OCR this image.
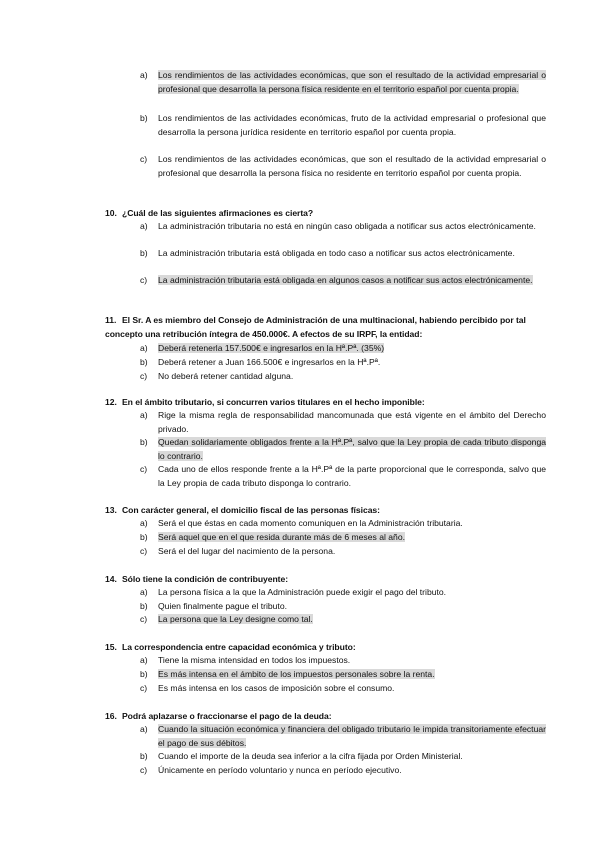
a)	Los rendimientos de las actividades económicas, que son el resultado de la actividad empresarial o profesional que desarrolla la persona física residente en el territorio español por cuenta propia.
b)	Los rendimientos de las actividades económicas, fruto de la actividad empresarial o profesional que desarrolla la persona jurídica residente en territorio español por cuenta propia.
c)	Los rendimientos de las actividades económicas, que son el resultado de la actividad empresarial o profesional que desarrolla la persona física no residente en territorio español por cuenta propia.
10. ¿Cuál de las siguientes afirmaciones es cierta?
a)	La administración tributaria no está en ningún caso obligada a notificar sus actos electrónicamente.
b)	La administración tributaria está obligada en todo caso a notificar sus actos electrónicamente.
c)	La administración tributaria está obligada en algunos casos a notificar sus actos electrónicamente.
11. El Sr. A es miembro del Consejo de Administración de una multinacional, habiendo percibido por tal concepto una retribución íntegra de 450.000€. A efectos de su IRPF, la entidad:
a)	Deberá retenerla 157.500€ e ingresarlos en la Hª.Pª. (35%)
b)	Deberá retener a Juan 166.500€ e ingresarlos en la Hª.Pª.
c)	No deberá retener cantidad alguna.
12. En el ámbito tributario, si concurren varios titulares en el hecho imponible:
a)	Rige la misma regla de responsabilidad mancomunada que está vigente en el ámbito del Derecho privado.
b)	Quedan solidariamente obligados frente a la Hª.Pª, salvo que la Ley propia de cada tributo disponga lo contrario.
c)	Cada uno de ellos responde frente a la Hª.Pª de la parte proporcional que le corresponda, salvo que la Ley propia de cada tributo disponga lo contrario.
13. Con carácter general, el domicilio fiscal de las personas físicas:
a)	Será el que éstas en cada momento comuniquen en la Administración tributaria.
b)	Será aquel que en el que resida durante más de 6 meses al año.
c)	Será el del lugar del nacimiento de la persona.
14. Sólo tiene la condición de contribuyente:
a)	La persona física a la que la Administración puede exigir el pago del tributo.
b)	Quien finalmente pague el tributo.
c)	La persona que la Ley designe como tal.
15. La correspondencia entre capacidad económica y tributo:
a)	Tiene la misma intensidad en todos los impuestos.
b)	Es más intensa en el ámbito de los impuestos personales sobre la renta.
c)	Es más intensa en los casos de imposición sobre el consumo.
16. Podrá aplazarse o fraccionarse el pago de la deuda:
a)	Cuando la situación económica y financiera del obligado tributario le impida transitoriamente efectuar el pago de sus débitos.
b)	Cuando el importe de la deuda sea inferior a la cifra fijada por Orden Ministerial.
c)	Únicamente en período voluntario y nunca en período ejecutivo.
